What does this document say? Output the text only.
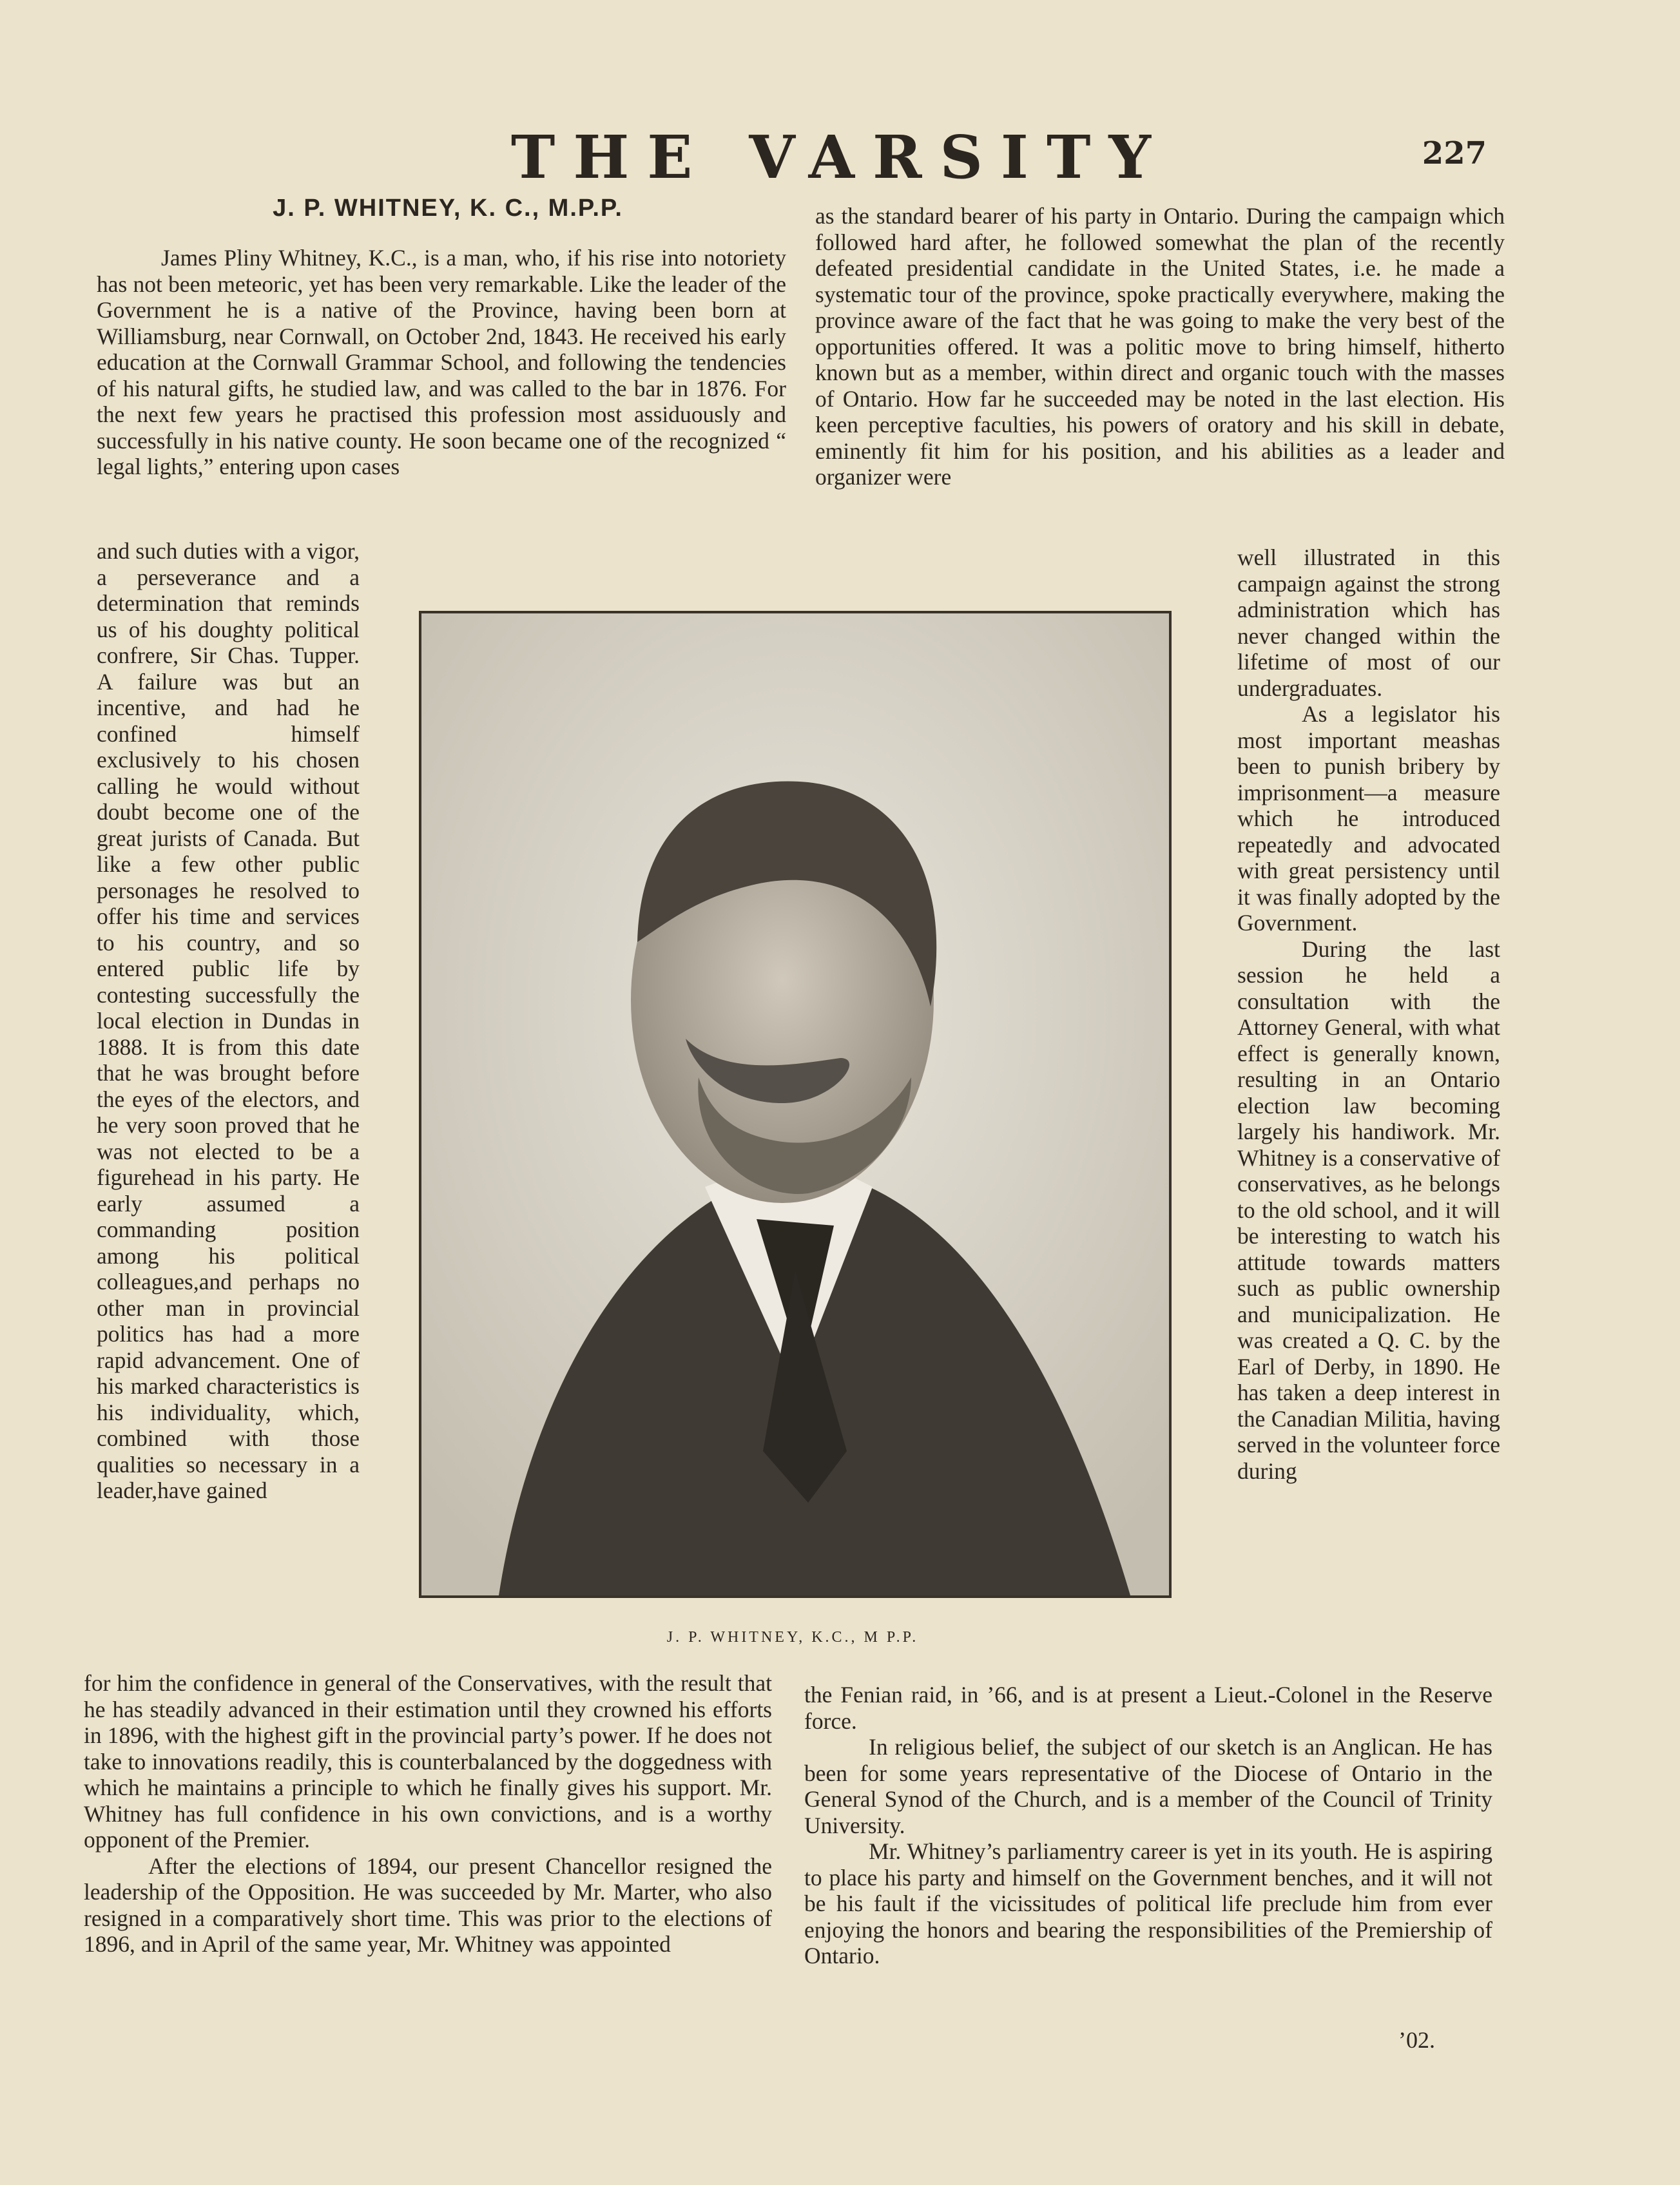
THE VARSITY	227
J. P. WHITNEY, K. C., M.P.P.

James Pliny Whitney, K.C., is a man, who, if his rise into notoriety has not been meteoric, yet has been very remarkable. Like the leader of the Government he is a native of the Province, having been born at Williamsburg, near Cornwall, on October 2nd, 1843. He received his early education at the Cornwall Grammar School, and following the tendencies of his natural gifts, he studied law, and was called to the bar in 1876. For the next few years he practised this profession most assiduously and successfully in his native county. He soon became one of the recognized “ legal lights,” entering upon cases

and such duties with a vigor, a perseverance and a determination that reminds us of his doughty political confrere, Sir Chas. Tupper. A failure was but an incentive, and had he confined himself exclusively to his chosen calling he would without doubt become one of the great jurists of Canada. But like a few other public personages he resolved to offer his time and services to his country, and so entered public life by contesting successfully the local election in Dundas in 1888. It is from this date that he was brought before the eyes of the electors, and he very soon proved that he was not elected to be a figurehead in his party. He early assumed a commanding position among his political colleagues,and perhaps no other man in provincial politics has had a more rapid advancement. One of his marked characteristics is his individuality, which, combined with those qualities so necessary in a leader,have gained

J. P. WHITNEY, K.C., M P.P.

for him the confidence in general of the Conservatives, with the result that he has steadily advanced in their estimation until they crowned his efforts in 1896, with the highest gift in the provincial party’s power. If he does not take to innovations readily, this is counterbalanced by the doggedness with which he maintains a principle to which he finally gives his support. Mr. Whitney has full confidence in his own convictions, and is a worthy opponent of the Premier.

After the elections of 1894, our present Chancellor resigned the leadership of the Opposition. He was succeeded by Mr. Marter, who also resigned in a comparatively short time. This was prior to the elections of 1896, and in April of the same year, Mr. Whitney was appointed

as the standard bearer of his party in Ontario. During the campaign which followed hard after, he followed somewhat the plan of the recently defeated presidential candidate in the United States, i.e. he made a systematic tour of the province, spoke practically everywhere, making the province aware of the fact that he was going to make the very best of the opportunities offered. It was a politic move to bring himself, hitherto known but as a member, within direct and organic touch with the masses of Ontario. How far he succeeded may be noted in the last election. His keen perceptive faculties, his powers of oratory and his skill in debate, eminently fit him for his position, and his abilities as a leader and organizer were

well illustrated in this campaign against the strong administration which has never changed within the lifetime of most of our undergraduates.

As a legislator his most important meashas been to punish bribery by imprisonment—a measure which he introduced repeatedly and advocated with great persistency until it was finally adopted by the Government.

During the last session he held a consultation with the Attorney General, with what effect is generally known, resulting in an Ontario election law becoming largely his handiwork. Mr. Whitney is a conservative of conservatives, as he belongs to the old school, and it will be interesting to watch his attitude towards matters such as public ownership and municipalization. He was created a Q. C. by the Earl of Derby, in 1890. He has taken a deep interest in the Canadian Militia, having served in the volunteer force during

the Fenian raid, in ’66, and is at present a Lieut.-Colonel in the Reserve force.

In religious belief, the subject of our sketch is an Anglican. He has been for some years representative of the Diocese of Ontario in the General Synod of the Church, and is a member of the Council of Trinity University.

Mr. Whitney’s parliamentry career is yet in its youth. He is aspiring to place his party and himself on the Government benches, and it will not be his fault if the vicissitudes of political life preclude him from ever enjoying the honors and bearing the responsibilities of the Premiership of Ontario.

’02.
